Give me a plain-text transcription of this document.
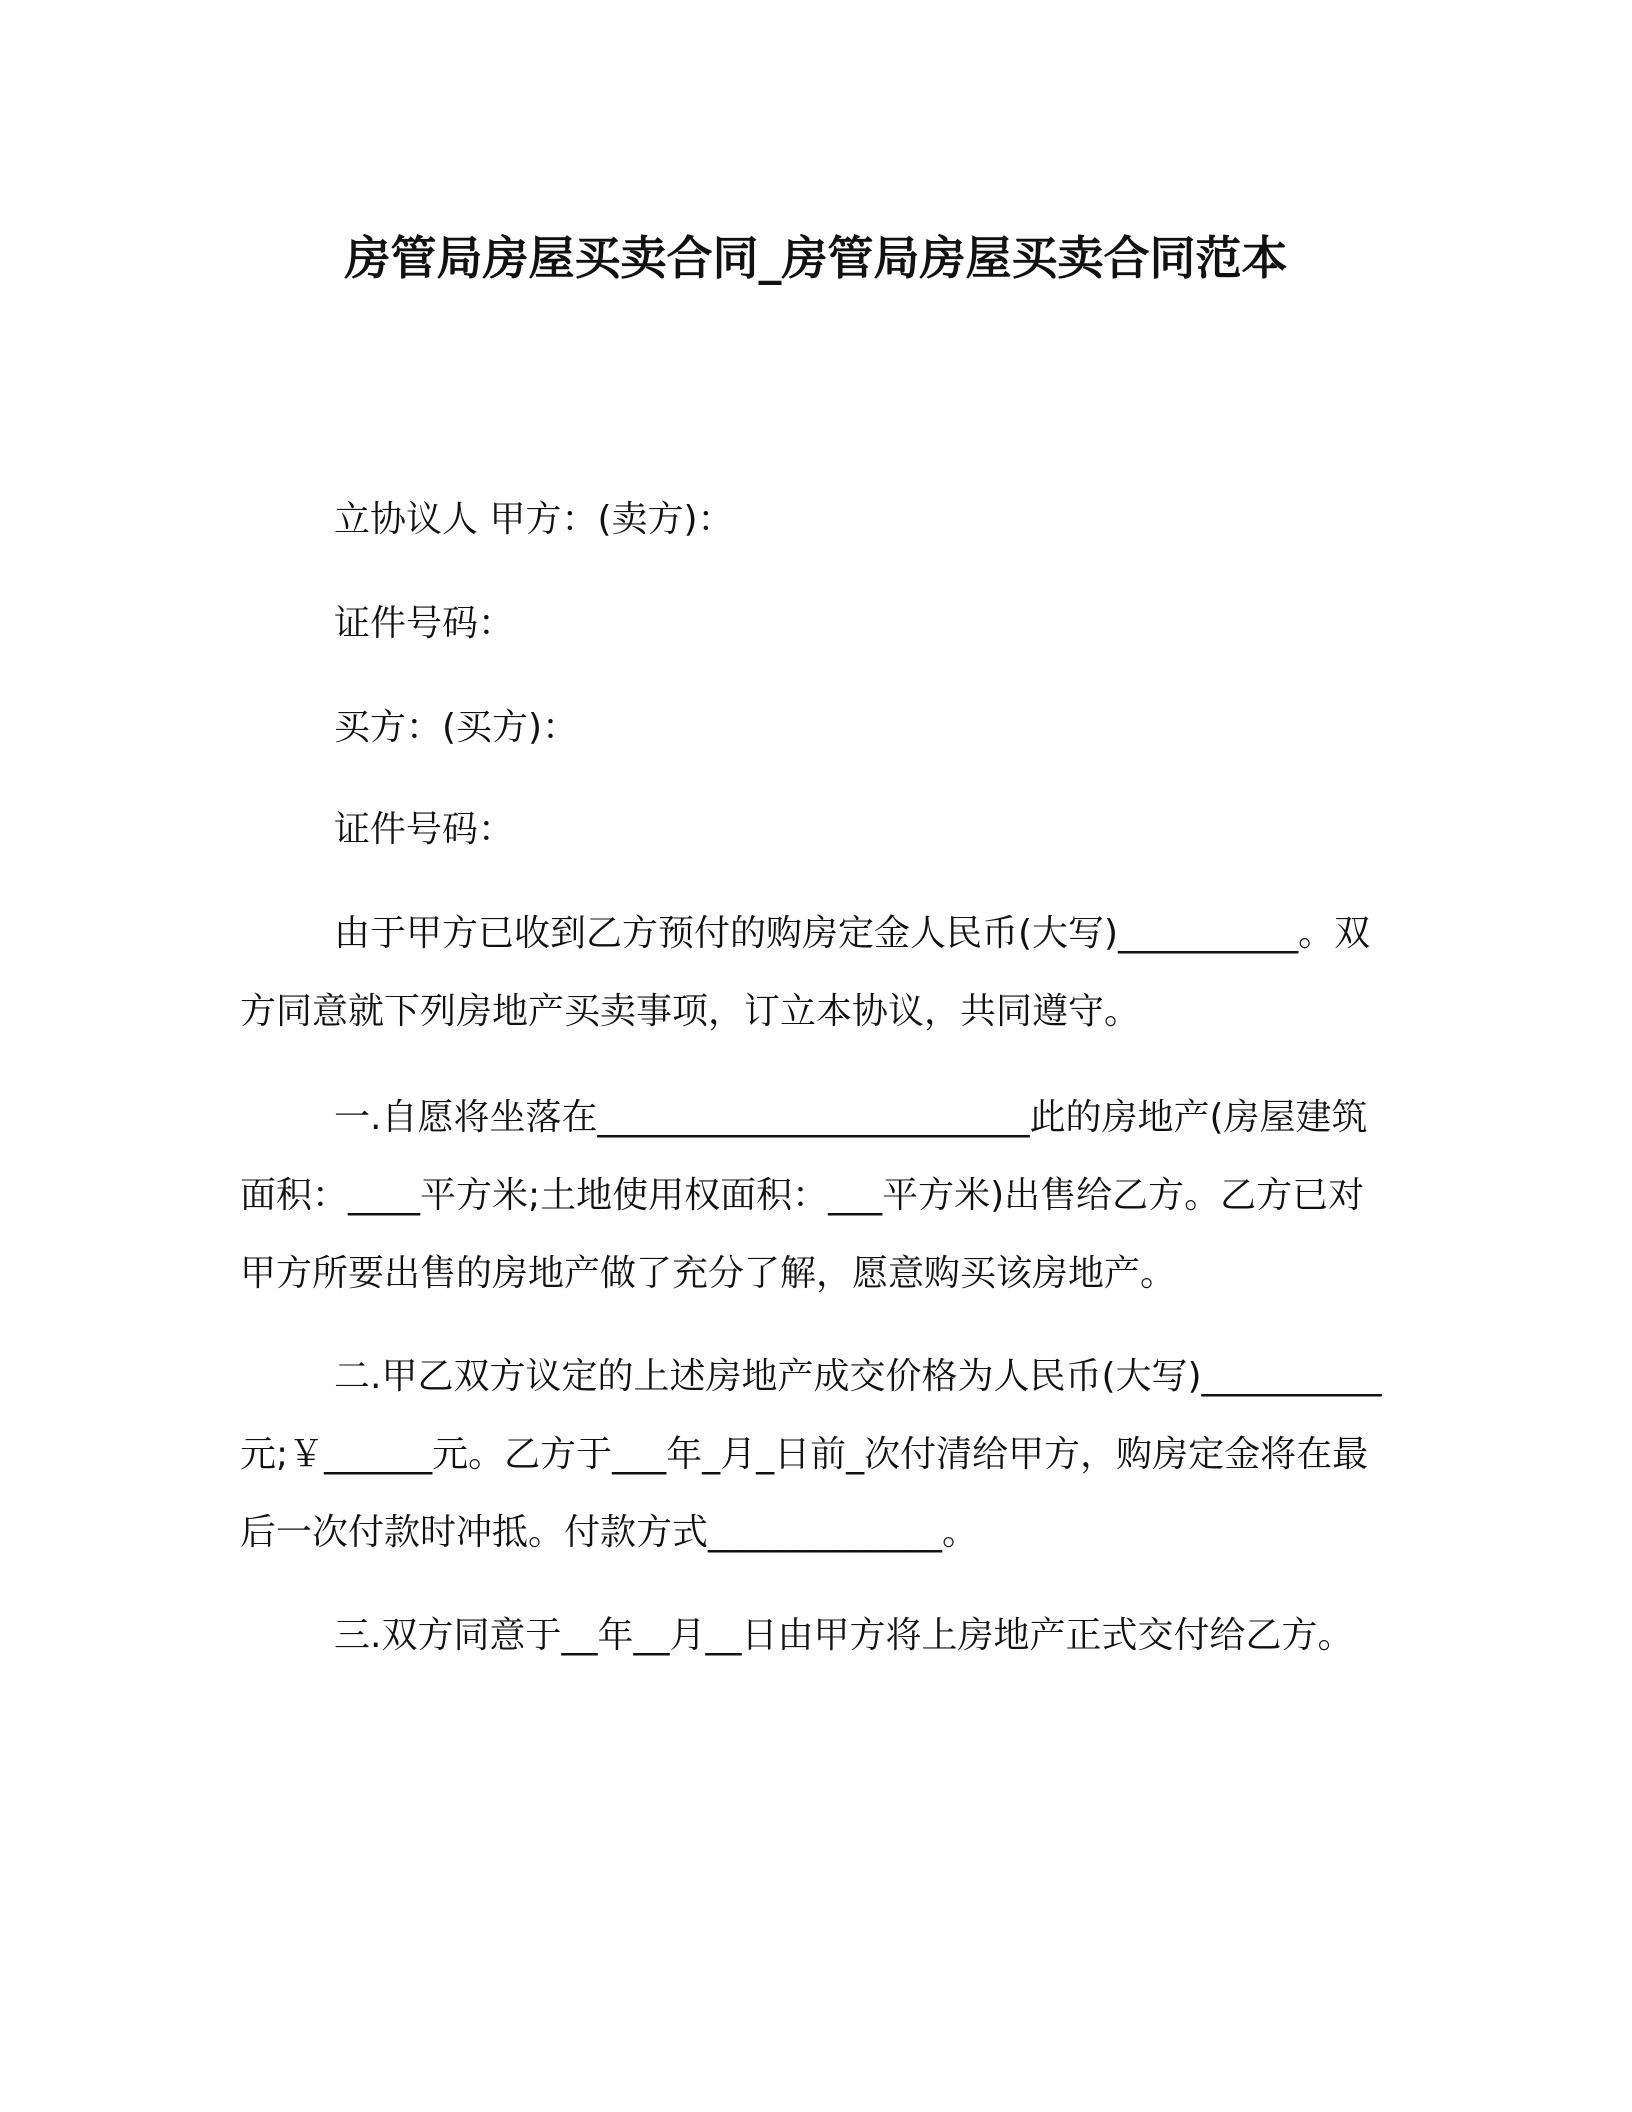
房管局房屋买卖合同_房管局房屋买卖合同范本
立协议人 甲方：(卖方)：
证件号码：
买方：(买方)：
证件号码：
由于甲方已收到乙方预付的购房定金人民币(大写)__________。双方同意就下列房地产买卖事项，订立本协议，共同遵守。
一.自愿将坐落在________________________此的房地产(房屋建筑面积：____平方米;土地使用权面积：___平方米)出售给乙方。乙方已对甲方所要出售的房地产做了充分了解，愿意购买该房地产。
二.甲乙双方议定的上述房地产成交价格为人民币(大写)__________元;￥______元。乙方于___年_月_日前_次付清给甲方，购房定金将在最后一次付款时冲抵。付款方式_____________。
三.双方同意于__年__月__日由甲方将上房地产正式交付给乙方。
